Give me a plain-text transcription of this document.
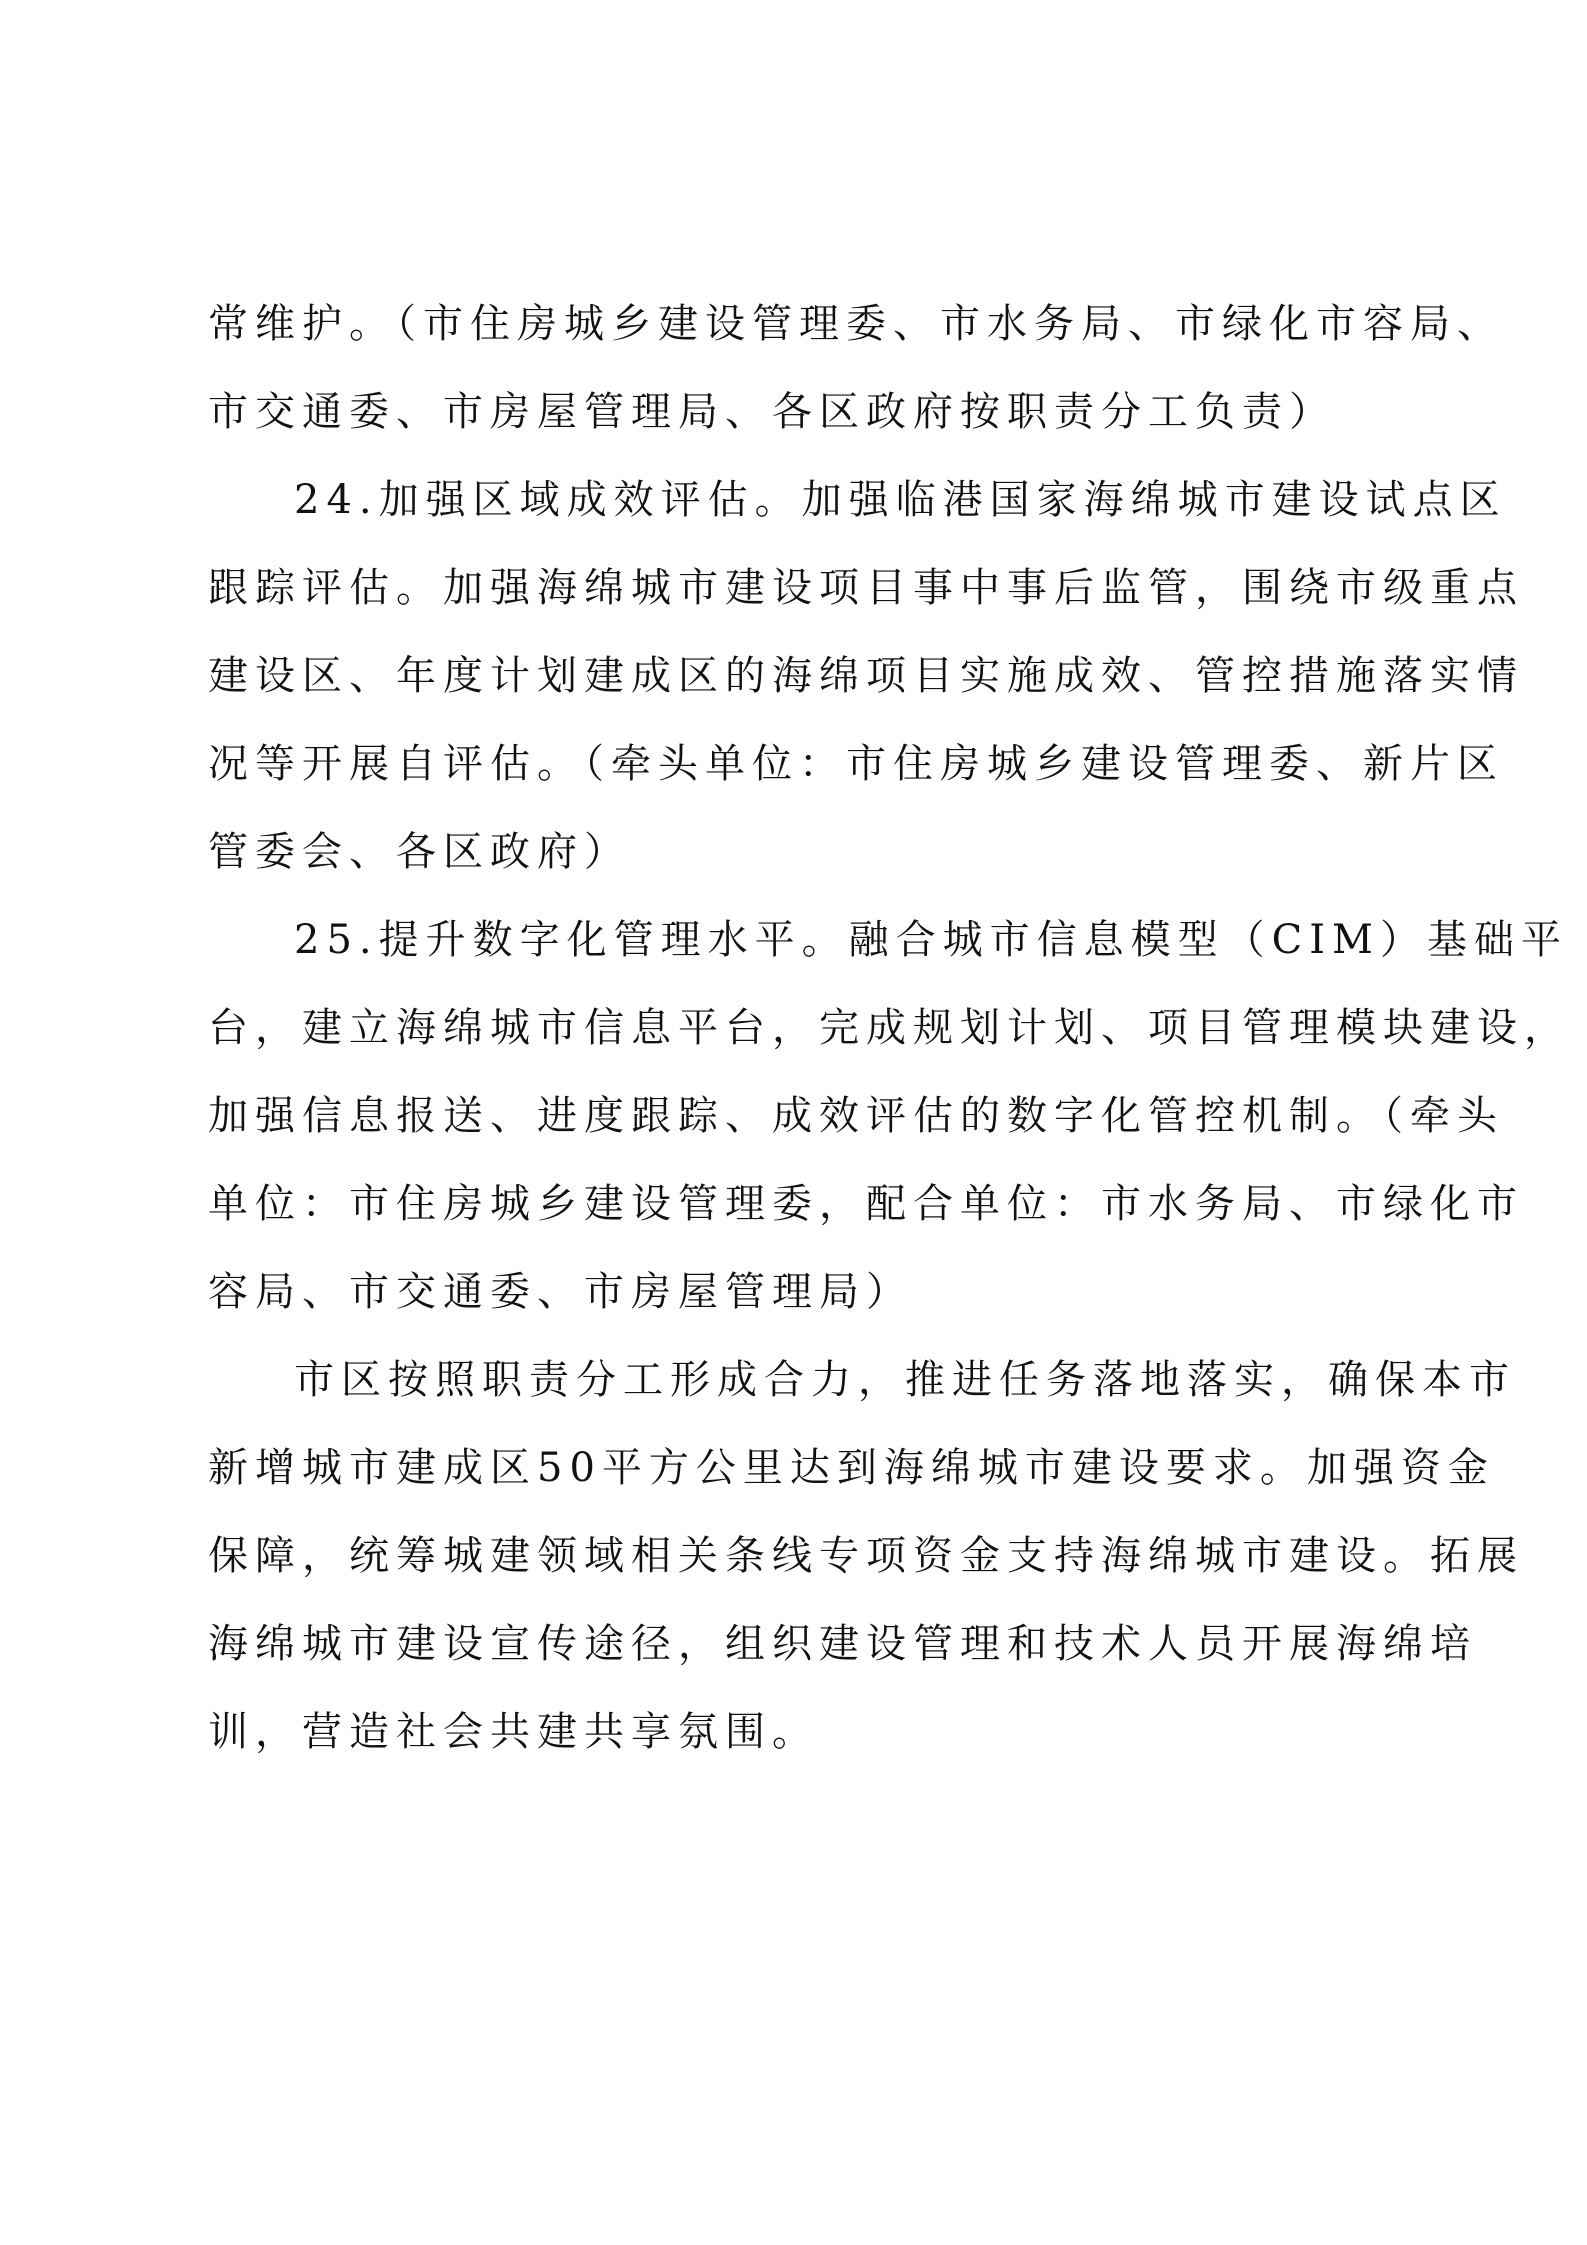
常维护。（市住房城乡建设管理委、市水务局、市绿化市容局、
市交通委、市房屋管理局、各区政府按职责分工负责）
24.加强区域成效评估。加强临港国家海绵城市建设试点区
跟踪评估。加强海绵城市建设项目事中事后监管，围绕市级重点
建设区、年度计划建成区的海绵项目实施成效、管控措施落实情
况等开展自评估。（牵头单位：市住房城乡建设管理委、新片区
管委会、各区政府）
25.提升数字化管理水平。融合城市信息模型（CIM）基础平
台，建立海绵城市信息平台，完成规划计划、项目管理模块建设，
加强信息报送、进度跟踪、成效评估的数字化管控机制。（牵头
单位：市住房城乡建设管理委，配合单位：市水务局、市绿化市
容局、市交通委、市房屋管理局）
市区按照职责分工形成合力，推进任务落地落实，确保本市
新增城市建成区50平方公里达到海绵城市建设要求。加强资金
保障，统筹城建领域相关条线专项资金支持海绵城市建设。拓展
海绵城市建设宣传途径，组织建设管理和技术人员开展海绵培
训，营造社会共建共享氛围。
